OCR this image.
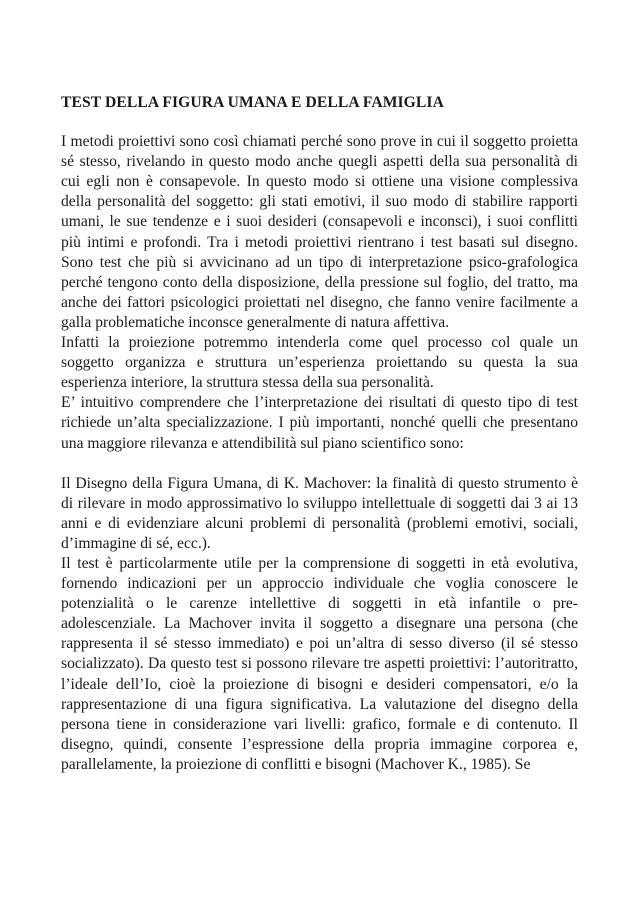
TEST DELLA FIGURA UMANA E DELLA FAMIGLIA

I metodi proiettivi sono così chiamati perché sono prove in cui il soggetto proietta sé stesso, rivelando in questo modo anche quegli aspetti della sua personalità di cui egli non è consapevole. In questo modo si ottiene una visione complessiva della personalità del soggetto: gli stati emotivi, il suo modo di stabilire rapporti umani, le sue tendenze e i suoi desideri (consapevoli e inconsci), i suoi conflitti più intimi e profondi. Tra i metodi proiettivi rientrano i test basati sul disegno. Sono test che più si avvicinano ad un tipo di interpretazione psico-grafologica perché tengono conto della disposizione, della pressione sul foglio, del tratto, ma anche dei fattori psicologici proiettati nel disegno, che fanno venire facilmente a galla problematiche inconsce generalmente di natura affettiva.

Infatti la proiezione potremmo intenderla come quel processo col quale un soggetto organizza e struttura un’esperienza proiettando su questa la sua esperienza interiore, la struttura stessa della sua personalità.

E’ intuitivo comprendere che l’interpretazione dei risultati di questo tipo di test richiede un’alta specializzazione. I più importanti, nonché quelli che presentano una maggiore rilevanza e attendibilità sul piano scientifico sono:

Il Disegno della Figura Umana, di K. Machover: la finalità di questo strumento è di rilevare in modo approssimativo lo sviluppo intellettuale di soggetti dai 3 ai 13 anni e di evidenziare alcuni problemi di personalità (problemi emotivi, sociali, d’immagine di sé, ecc.).

Il test è particolarmente utile per la comprensione di soggetti in età evolutiva, fornendo indicazioni per un approccio individuale che voglia conoscere le potenzialità o le carenze intellettive di soggetti in età infantile o pre-adolescenziale. La Machover invita il soggetto a disegnare una persona (che rappresenta il sé stesso immediato) e poi un’altra di sesso diverso (il sé stesso socializzato). Da questo test si possono rilevare tre aspetti proiettivi: l’autoritratto, l’ideale dell’Io, cioè la proiezione di bisogni e desideri compensatori, e/o la rappresentazione di una figura significativa. La valutazione del disegno della persona tiene in considerazione vari livelli: grafico, formale e di contenuto. Il disegno, quindi, consente l’espressione della propria immagine corporea e, parallelamente, la proiezione di conflitti e bisogni (Machover K., 1985). Se
